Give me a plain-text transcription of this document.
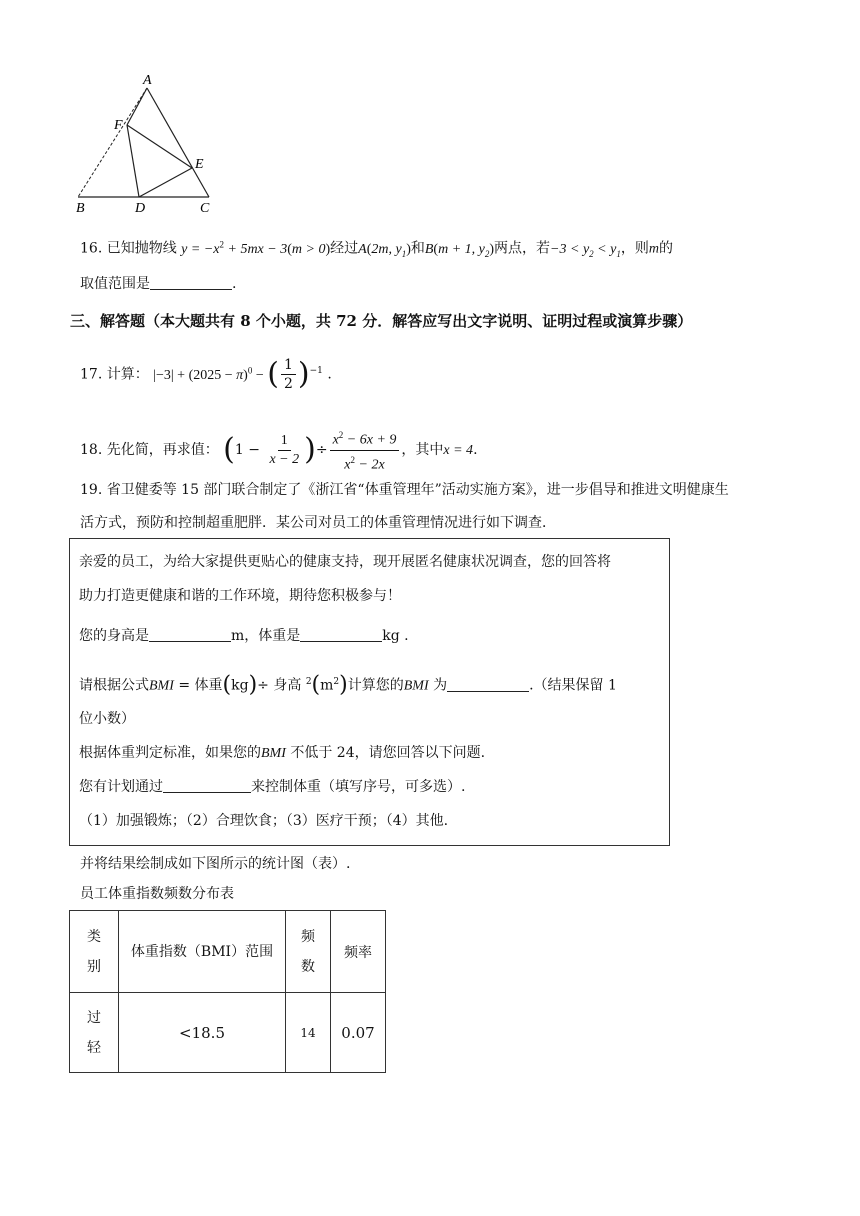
A
F
E
B	D	C
16. 已知抛物线 $y = -x^2 + 5mx - 3(m > 0)$经过A(2m, $y_1$)和B(m + 1, $y_2$)两点，若$-3 < y_2 < y_1$，则m的
取值范围是	.
三、解答题（本大题共有 8 个小题，共 72 分．解答应写出文字说明、证明过程或演算步骤）
17. 计算： $|-3| + (2025 - \pi)^0$ − ( $\frac{1}{2} )^{-1}$ .
18. 先化简，再求值： ($1 - \frac{1}{x - 2}$ )÷ $\frac{x^2 - 6x + 9}{x^2 - 2x}$ ，其中x = 4.
19. 省卫健委等 15 部门联合制定了《浙江省“体重管理年”活动实施方案》，进一步倡导和推进文明健康生
活方式，预防和控制超重肥胖．某公司对员工的体重管理情况进行如下调查．
亲爱的员工，为给大家提供更贴心的健康支持，现开展匿名健康状况调查，您的回答将
助力打造更健康和谐的工作环境，期待您积极参与！
您的身高是	m，体重是	kg .
请根据公式BMI = 体重(kg)÷ 身高 $^2(m^2)$计算您的BMI 为	.（结果保留 1
位小数）
根据体重判定标准，如果您的BMI 不低于 24，请您回答以下问题.
您有计划通过	来控制体重（填写序号，可多选）.
（1）加强锻炼；（2）合理饮食；（3）医疗干预；（4）其他.
并将结果绘制成如下图所示的统计图（表）.
员工体重指数频数分布表
类别	体重指数（BMI）范围	频数	频率

过轻	<18.5	14	0.07
